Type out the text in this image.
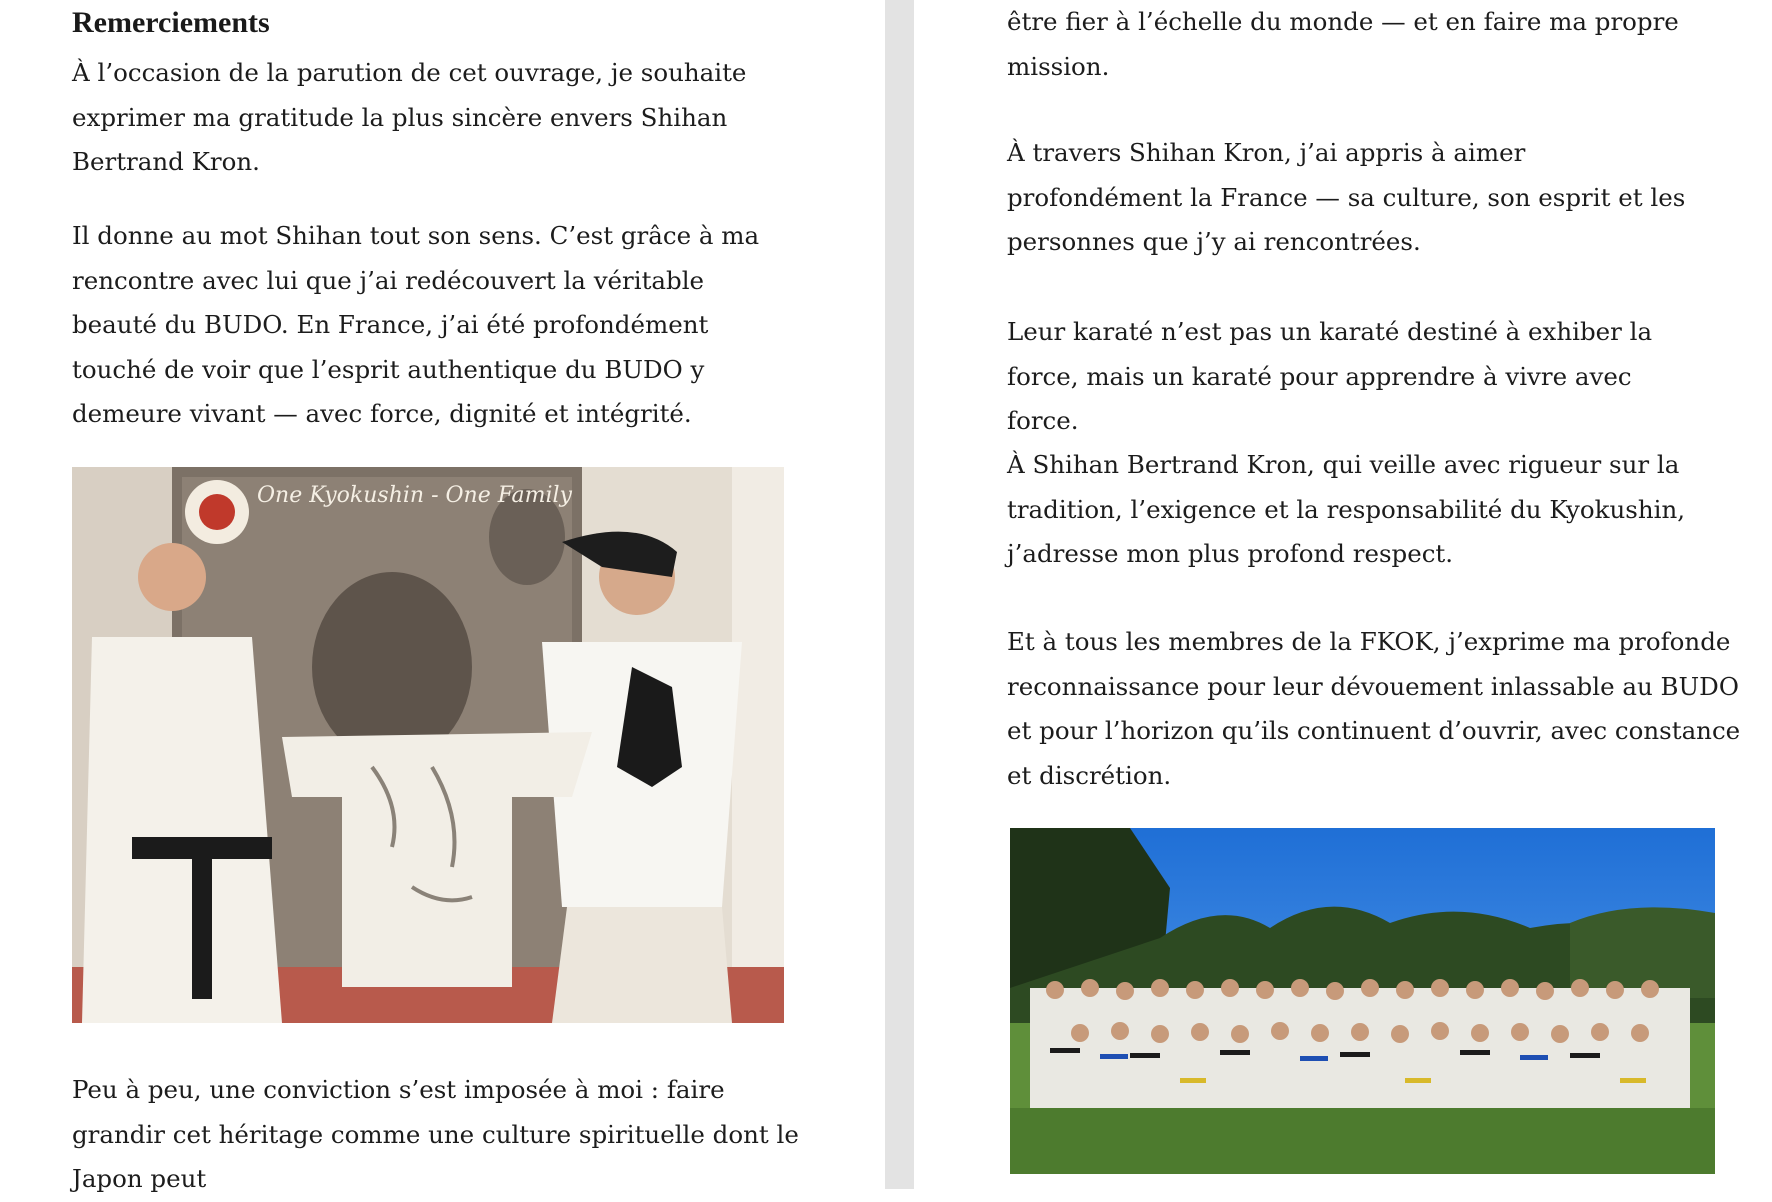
Remerciements

À l’occasion de la parution de cet ouvrage, je souhaite exprimer ma gratitude la plus sincère envers Shihan Bertrand Kron.

Il donne au mot Shihan tout son sens. C’est grâce à ma rencontre avec lui que j’ai redécouvert la véritable beauté du BUDO. En France, j’ai été profondément touché de voir que l’esprit authentique du BUDO y demeure vivant — avec force, dignité et intégrité.

One Kyokushin - One Family

Peu à peu, une conviction s’est imposée à moi : faire grandir cet héritage comme une culture spirituelle dont le Japon peut

être fier à l’échelle du monde — et en faire ma propre mission.

À travers Shihan Kron, j’ai appris à aimer profondément la France — sa culture, son esprit et les personnes que j’y ai rencontrées.

Leur karaté n’est pas un karaté destiné à exhiber la force, mais un karaté pour apprendre à vivre avec force.

À Shihan Bertrand Kron, qui veille avec rigueur sur la tradition, l’exigence et la responsabilité du Kyokushin, j’adresse mon plus profond respect.

Et à tous les membres de la FKOK, j’exprime ma profonde reconnaissance pour leur dévouement inlassable au BUDO et pour l’horizon qu’ils continuent d’ouvrir, avec constance et discrétion.
